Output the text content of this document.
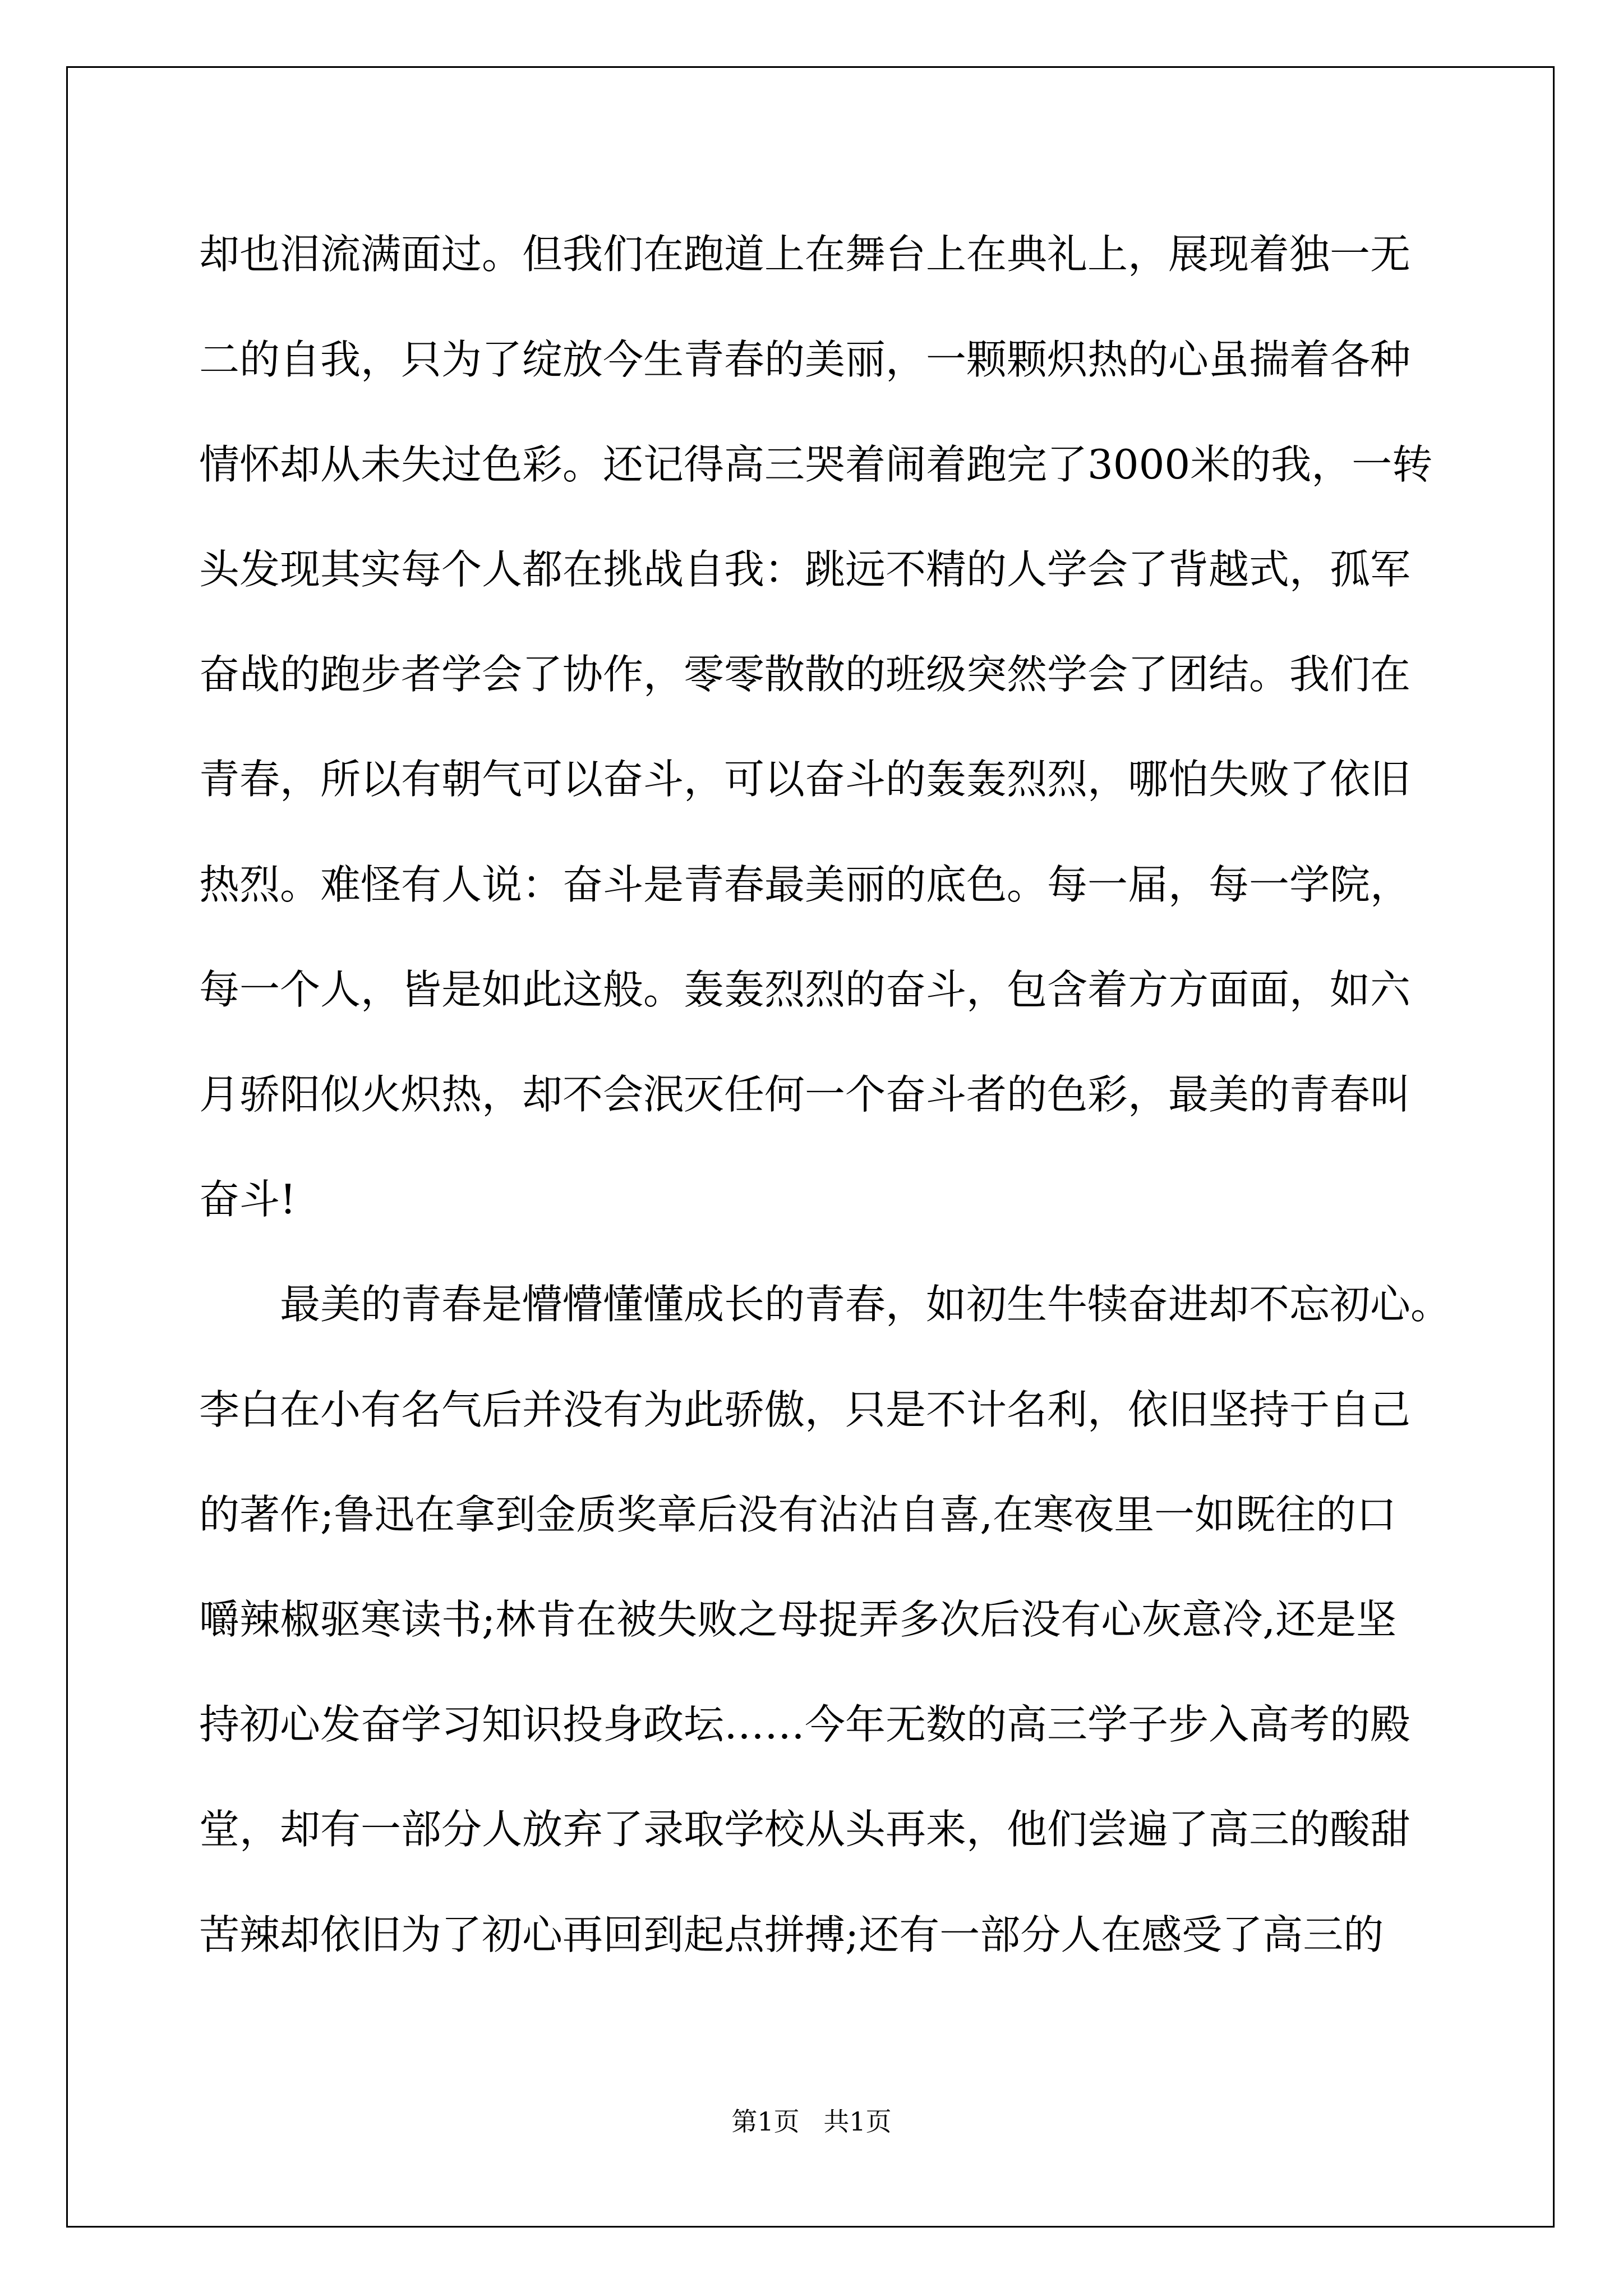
却也泪流满面过。但我们在跑道上在舞台上在典礼上，展现着独一无
二的自我，只为了绽放今生青春的美丽，一颗颗炽热的心虽揣着各种
情怀却从未失过色彩。还记得高三哭着闹着跑完了3000米的我，一转
头发现其实每个人都在挑战自我：跳远不精的人学会了背越式，孤军
奋战的跑步者学会了协作，零零散散的班级突然学会了团结。我们在
青春，所以有朝气可以奋斗，可以奋斗的轰轰烈烈，哪怕失败了依旧
热烈。难怪有人说：奋斗是青春最美丽的底色。每一届，每一学院，
每一个人，皆是如此这般。轰轰烈烈的奋斗，包含着方方面面，如六
月骄阳似火炽热，却不会泯灭任何一个奋斗者的色彩，最美的青春叫
奋斗!
　　最美的青春是懵懵懂懂成长的青春，如初生牛犊奋进却不忘初心。
李白在小有名气后并没有为此骄傲，只是不计名利，依旧坚持于自己
的著作;鲁迅在拿到金质奖章后没有沾沾自喜,在寒夜里一如既往的口
嚼辣椒驱寒读书;林肯在被失败之母捉弄多次后没有心灰意冷,还是坚
持初心发奋学习知识投身政坛……今年无数的高三学子步入高考的殿
堂，却有一部分人放弃了录取学校从头再来，他们尝遍了高三的酸甜
苦辣却依旧为了初心再回到起点拼搏;还有一部分人在感受了高三的
第1页 共1页
